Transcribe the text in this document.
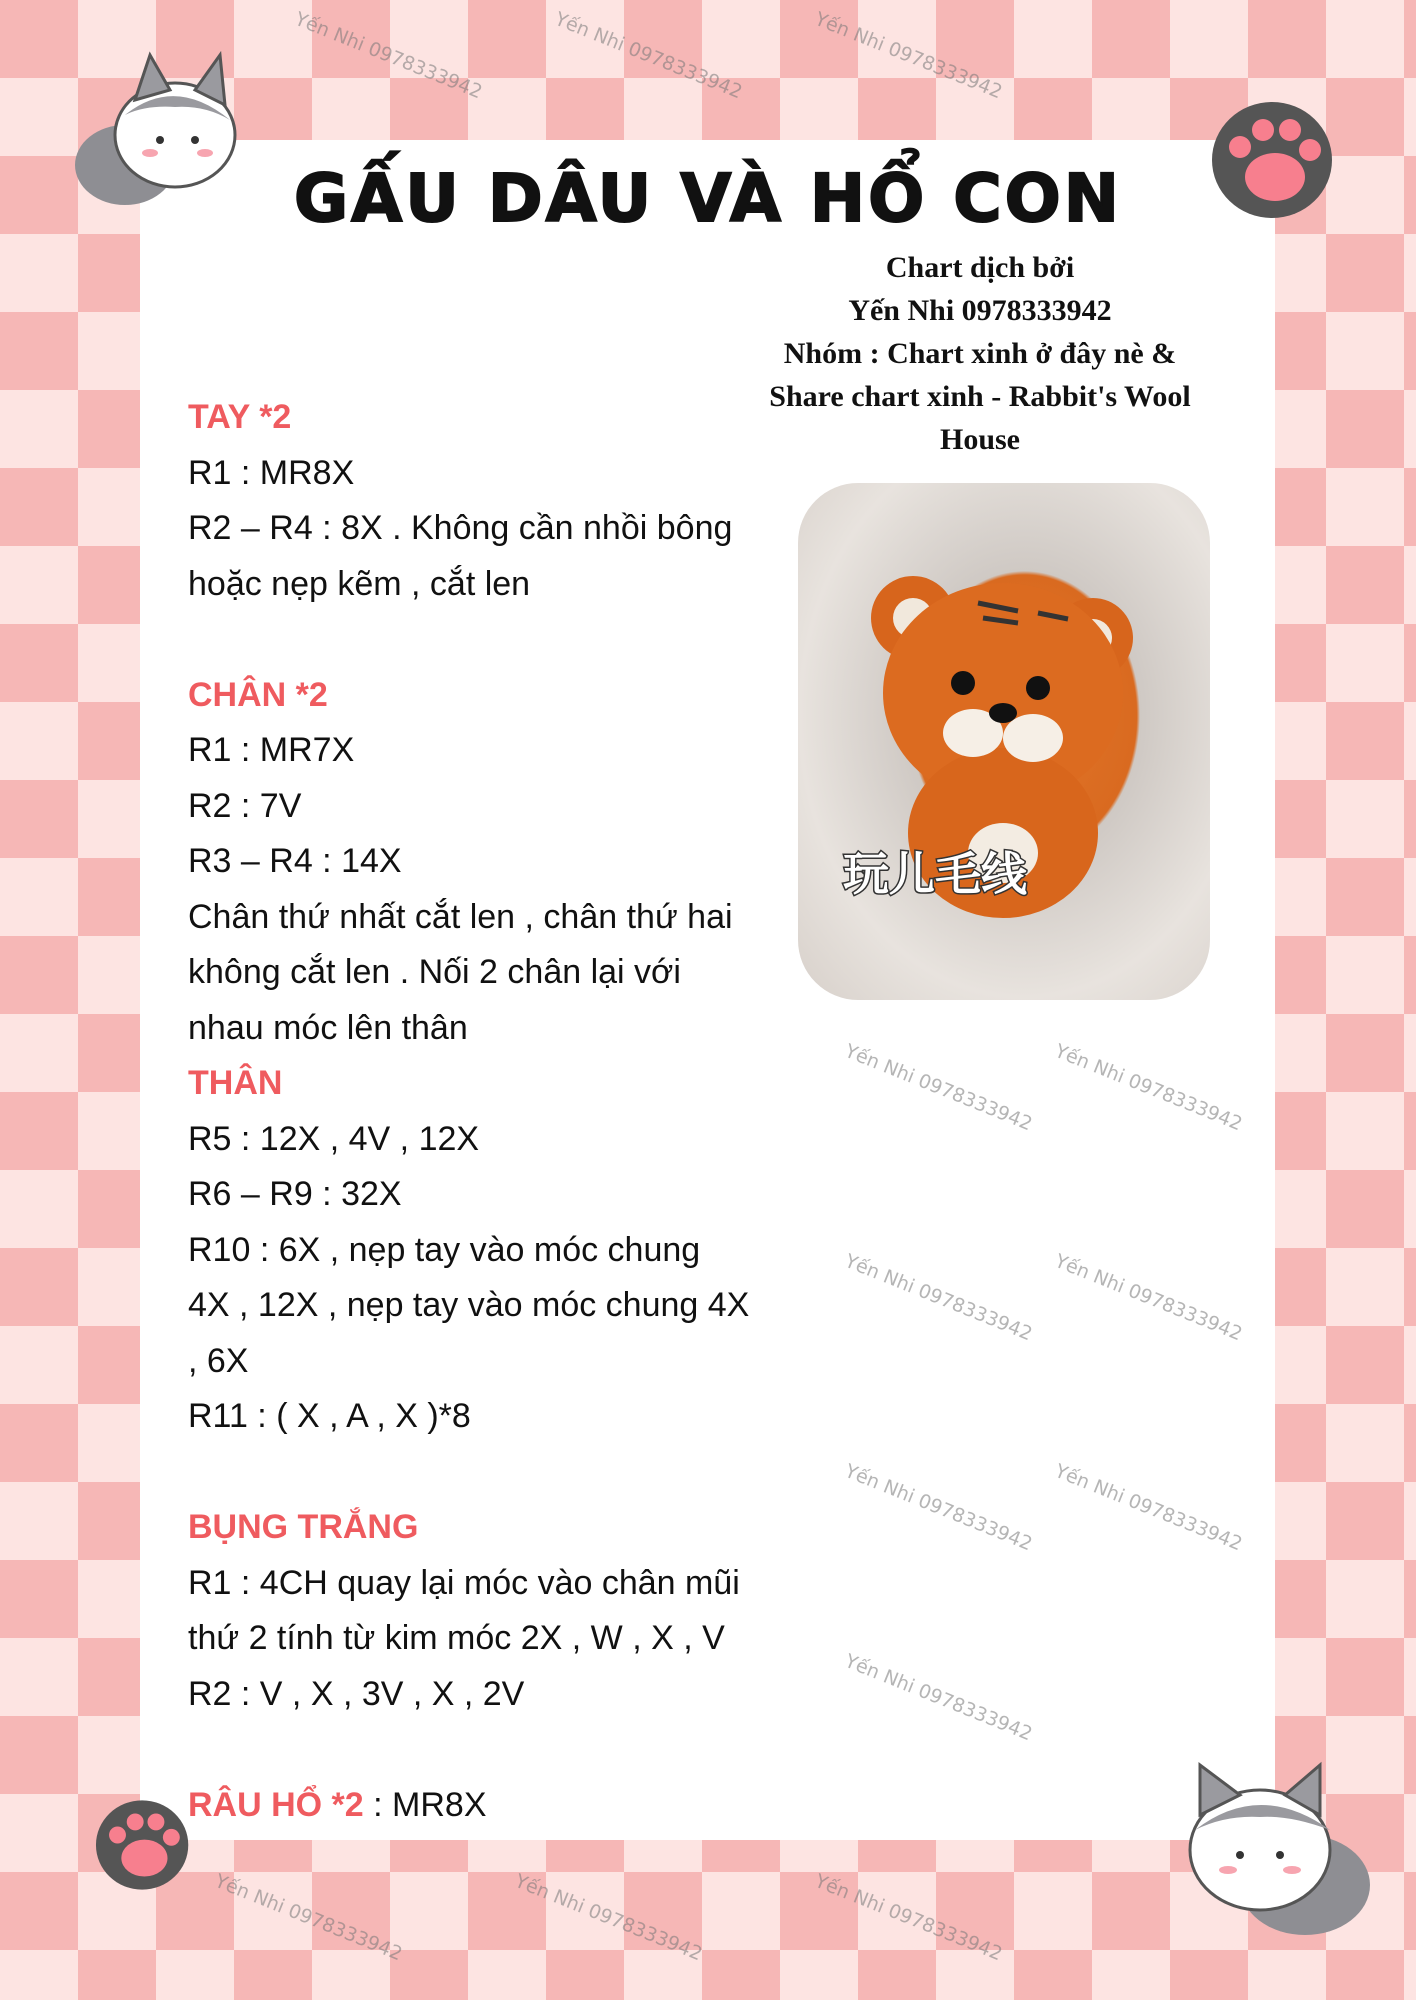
GẤU DÂU VÀ HỔ CON
Chart dịch bởi
Yến Nhi 0978333942
Nhóm : Chart xinh ở đây nè &
Share chart xinh - Rabbit's Wool
House
玩儿毛线
TAY *2
R1 : MR8X
R2 – R4 : 8X . Không cần nhồi bông
hoặc nẹp kẽm , cắt len
CHÂN *2
R1 : MR7X
R2 : 7V
R3 – R4 : 14X
Chân thứ nhất cắt len , chân thứ hai
không cắt len . Nối 2 chân lại với
nhau móc lên thân
THÂN
R5 : 12X , 4V , 12X
R6 – R9 : 32X
R10 : 6X , nẹp tay vào móc chung
4X , 12X , nẹp tay vào móc chung 4X
, 6X
R11 : ( X , A , X )*8
BỤNG TRẮNG
R1 : 4CH quay lại móc vào chân mũi
thứ 2 tính từ kim móc 2X , W , X , V
R2 : V , X , 3V , X , 2V
RÂU HỔ *2 : MR8X
Yến Nhi 0978333942	Yến Nhi 0978333942	Yến Nhi 0978333942
Yến Nhi 0978333942 Yến Nhi 0978333942
Yến Nhi 0978333942 Yến Nhi 0978333942
Yến Nhi 0978333942 Yến Nhi 0978333942
Yến Nhi 0978333942
Yến Nhi 0978333942	Yến Nhi 0978333942	Yến Nhi 0978333942
